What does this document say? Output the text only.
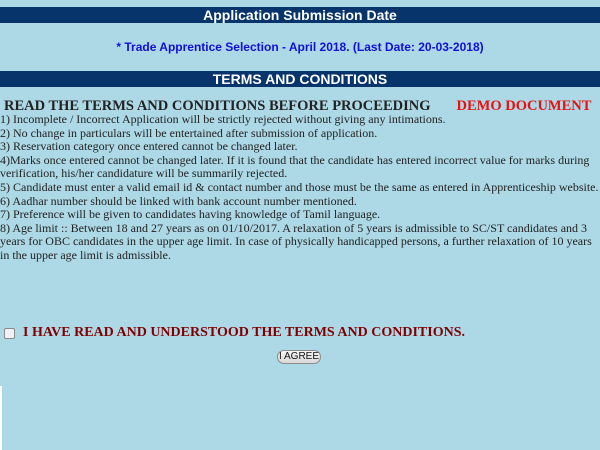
Application Submission Date
* Trade Apprentice Selection - April 2018. (Last Date: 20-03-2018)
TERMS AND CONDITIONS
READ THE TERMS AND CONDITIONS BEFORE PROCEEDING DEMO DOCUMENT
1) Incomplete / Incorrect Application will be strictly rejected without giving any intimations.
2) No change in particulars will be entertained after submission of application.
3) Reservation category once entered cannot be changed later.
4)Marks once entered cannot be changed later. If it is found that the candidate has entered incorrect value for marks during verification, his/her candidature will be summarily rejected.
5) Candidate must enter a valid email id & contact number and those must be the same as entered in Apprenticeship website.
6) Aadhar number should be linked with bank account number mentioned.
7) Preference will be given to candidates having knowledge of Tamil language.
8) Age limit :: Between 18 and 27 years as on 01/10/2017. A relaxation of 5 years is admissible to SC/ST candidates and 3 years for OBC candidates in the upper age limit. In case of physically handicapped persons, a further relaxation of 10 years in the upper age limit is admissible.
I HAVE READ AND UNDERSTOOD THE TERMS AND CONDITIONS.
I AGREE
